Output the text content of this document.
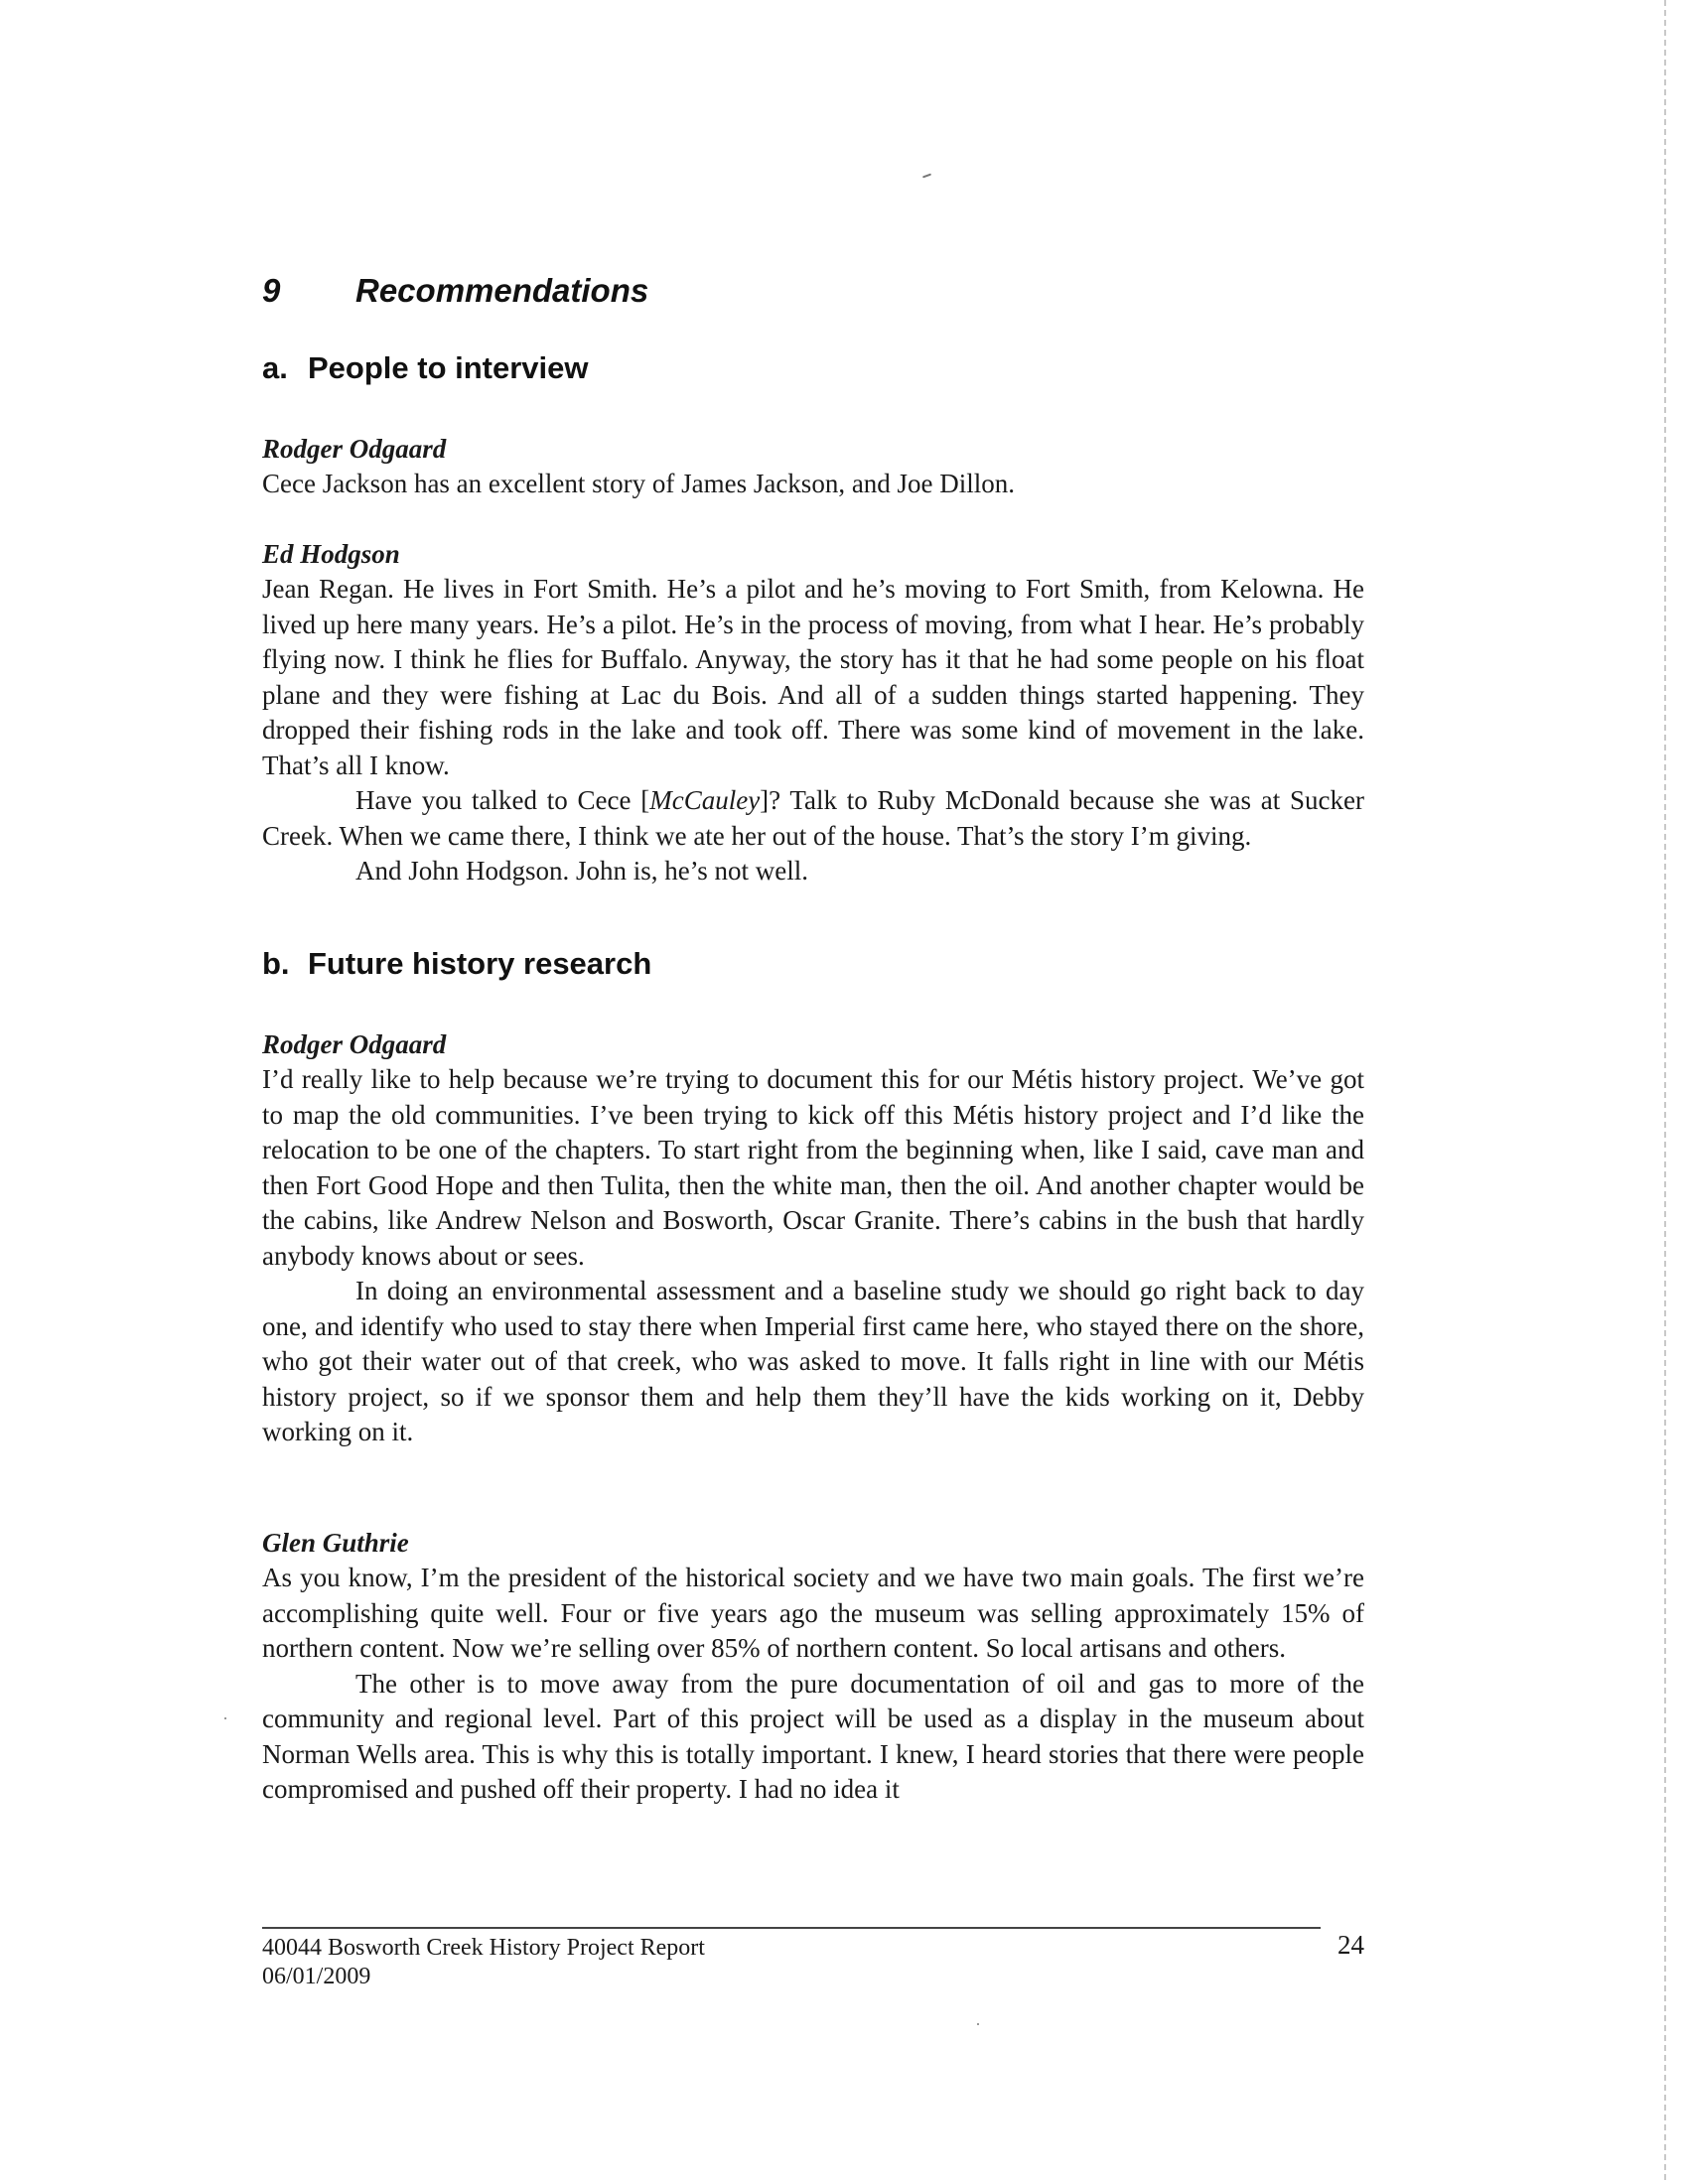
9 Recommendations
a. People to interview

Rodger Odgaard

Cece Jackson has an excellent story of James Jackson, and Joe Dillon.

Ed Hodgson

Jean Regan. He lives in Fort Smith. He’s a pilot and he’s moving to Fort Smith, from Kelowna. He lived up here many years. He’s a pilot. He’s in the process of moving, from what I hear. He’s probably flying now. I think he flies for Buffalo. Anyway, the story has it that he had some people on his float plane and they were fishing at Lac du Bois. And all of a sudden things started happening. They dropped their fishing rods in the lake and took off. There was some kind of movement in the lake. That’s all I know.

Have you talked to Cece [McCauley]? Talk to Ruby McDonald because she was at Sucker Creek. When we came there, I think we ate her out of the house. That’s the story I’m giving.

And John Hodgson. John is, he’s not well.

b. Future history research

Rodger Odgaard

I’d really like to help because we’re trying to document this for our Métis history project. We’ve got to map the old communities. I’ve been trying to kick off this Métis history project and I’d like the relocation to be one of the chapters. To start right from the beginning when, like I said, cave man and then Fort Good Hope and then Tulita, then the white man, then the oil. And another chapter would be the cabins, like Andrew Nelson and Bosworth, Oscar Granite. There’s cabins in the bush that hardly anybody knows about or sees.

In doing an environmental assessment and a baseline study we should go right back to day one, and identify who used to stay there when Imperial first came here, who stayed there on the shore, who got their water out of that creek, who was asked to move. It falls right in line with our Métis history project, so if we sponsor them and help them they’ll have the kids working on it, Debby working on it.

Glen Guthrie

As you know, I’m the president of the historical society and we have two main goals. The first we’re accomplishing quite well. Four or five years ago the museum was selling approximately 15% of northern content. Now we’re selling over 85% of northern content. So local artisans and others.

The other is to move away from the pure documentation of oil and gas to more of the community and regional level. Part of this project will be used as a display in the museum about Norman Wells area. This is why this is totally important. I knew, I heard stories that there were people compromised and pushed off their property. I had no idea it

40044 Bosworth Creek History Project Report
06/01/2009
24
